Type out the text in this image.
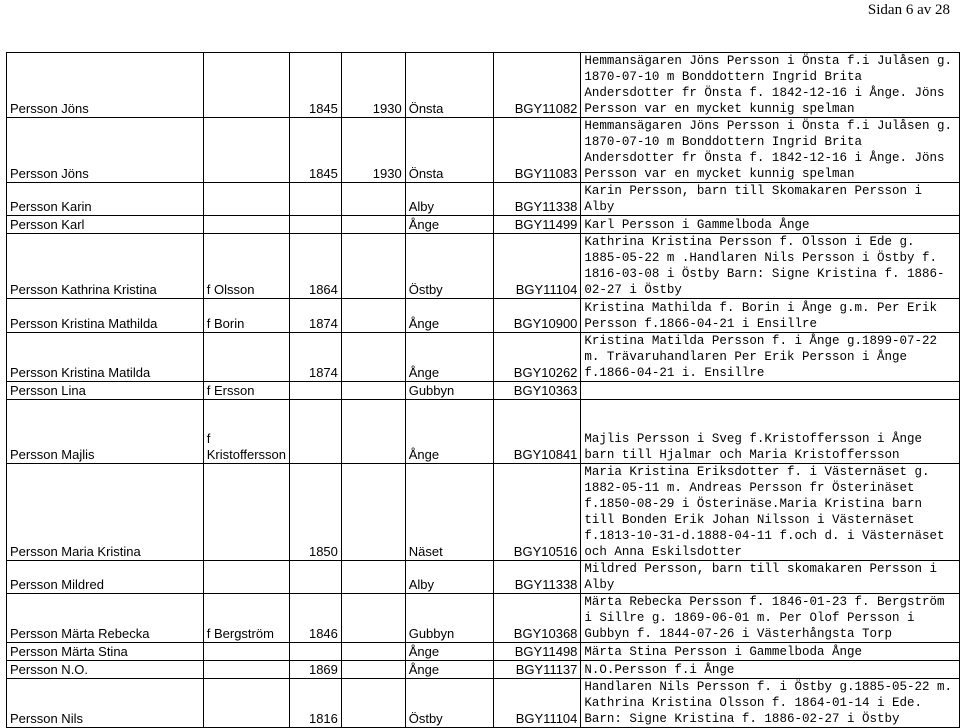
Sidan 6 av 28
Persson Jöns		1845	1930	Önsta	BGY11082	Hemmansägaren Jöns Persson i Önsta f.i Julåsen g. 1870-07-10 m Bonddottern Ingrid Brita Andersdotter fr Önsta f. 1842-12-16 i Ånge. Jöns Persson var en mycket kunnig spelman
Persson Jöns		1845	1930	Önsta	BGY11083	Hemmansägaren Jöns Persson i Önsta f.i Julåsen g. 1870-07-10 m Bonddottern Ingrid Brita Andersdotter fr Önsta f. 1842-12-16 i Ånge. Jöns Persson var en mycket kunnig spelman
Persson Karin				Alby	BGY11338	Karin Persson, barn till Skomakaren Persson i Alby
Persson Karl				Ånge	BGY11499	Karl Persson i Gammelboda Ånge
Persson Kathrina Kristina	f Olsson	1864		Östby	BGY11104	Kathrina Kristina Persson f. Olsson i Ede g. 1885-05-22 m .Handlaren Nils Persson i Östby f. 1816-03-08 i Östby Barn: Signe Kristina f. 1886-02-27 i Östby
Persson Kristina Mathilda	f Borin	1874		Ånge	BGY10900	Kristina Mathilda f. Borin i Ånge g.m. Per Erik Persson f.1866-04-21 i Ensillre
Persson Kristina Matilda		1874		Ånge	BGY10262	Kristina Matilda Persson f. i Ånge g.1899-07-22 m. Trävaruhandlaren Per Erik Persson i Ånge f.1866-04-21 i. Ensillre
Persson Lina	f Ersson			Gubbyn	BGY10363	
Persson Majlis	f Kristoffersson			Ånge	BGY10841	Majlis Persson i Sveg f.Kristoffersson i Ånge barn till Hjalmar och Maria Kristoffersson
Persson Maria Kristina		1850		Näset	BGY10516	Maria Kristina Eriksdotter f. i Västernäset g. 1882-05-11 m. Andreas Persson fr Österinäset f.1850-08-29 i Österinäse.Maria Kristina barn till Bonden Erik Johan Nilsson i Västernäset f.1813-10-31-d.1888-04-11 f.och d. i Västernäset och Anna Eskilsdotter
Persson Mildred				Alby	BGY11338	Mildred Persson, barn till skomakaren Persson i Alby
Persson Märta Rebecka	f Bergström	1846		Gubbyn	BGY10368	Märta Rebecka Persson f. 1846-01-23 f. Bergström i Sillre g. 1869-06-01 m. Per Olof Persson i Gubbyn f. 1844-07-26 i Västerhångsta Torp
Persson Märta Stina				Ånge	BGY11498	Märta Stina Persson i Gammelboda Ånge
Persson N.O.		1869		Ånge	BGY11137	N.O.Persson f.i Ånge
Persson Nils		1816		Östby	BGY11104	Handlaren Nils Persson f. i Östby g.1885-05-22 m. Kathrina Kristina Olsson f. 1864-01-14 i Ede. Barn: Signe Kristina f. 1886-02-27 i Östby
